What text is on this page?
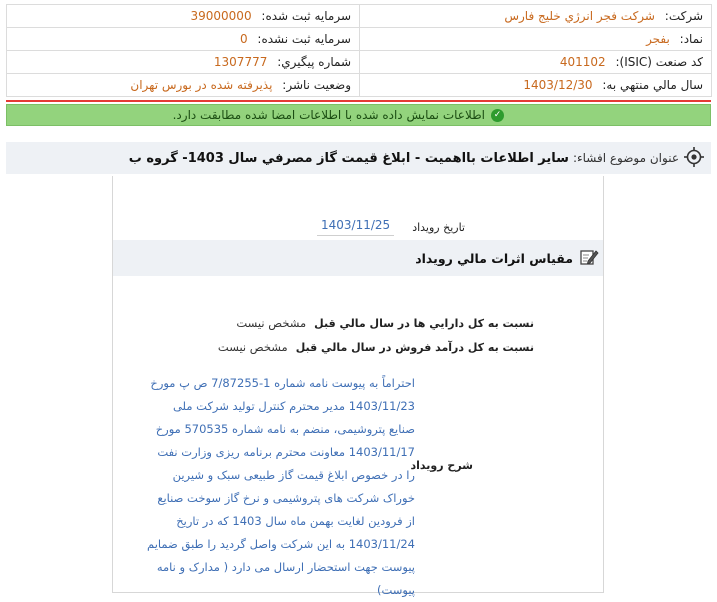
شرکت: شرکت فجر انرژي خليج فارس	سرمايه ثبت شده: 39000000
نماد: بفجر	سرمايه ثبت نشده: 0
کد صنعت (ISIC): 401102	شماره پيگيري: 1307777
سال مالي منتهي به: 1403/12/30	وضعيت ناشر: پذيرفته شده در بورس تهران
✓
اطلاعات نمایش داده شده با اطلاعات امضا شده مطابقت دارد.
عنوان موضوع افشاء:
ساير اطلاعات بااهميت - ابلاغ قيمت گاز مصرفي سال 1403- گروه ب
تاريخ رويداد
1403/11/25
مقياس اثرات مالي رويداد
نسبت به کل دارايي ها در سال مالي قبل
مشخص نيست
نسبت به کل درآمد فروش در سال مالي قبل
مشخص نيست
شرح رويداد
احتراماً به پیوست نامه شماره 1-7/87255 ص پ مورخ 1403/11/23 مدیر محترم کنترل تولید شرکت ملی صنایع پتروشیمی، منضم به نامه شماره 570535 مورخ 1403/11/17 معاونت محترم برنامه ریزی وزارت نفت را در خصوص ابلاغ قیمت گاز طبیعی سبک و شیرین خوراک شرکت های پتروشیمی و نرخ گاز سوخت صنایع از فرودین لغایت بهمن ماه سال 1403 که در تاریخ 1403/11/24 به این شرکت واصل گردید را طبق ضمایم پیوست جهت استحضار ارسال می دارد ( مدارک و نامه پیوست)
